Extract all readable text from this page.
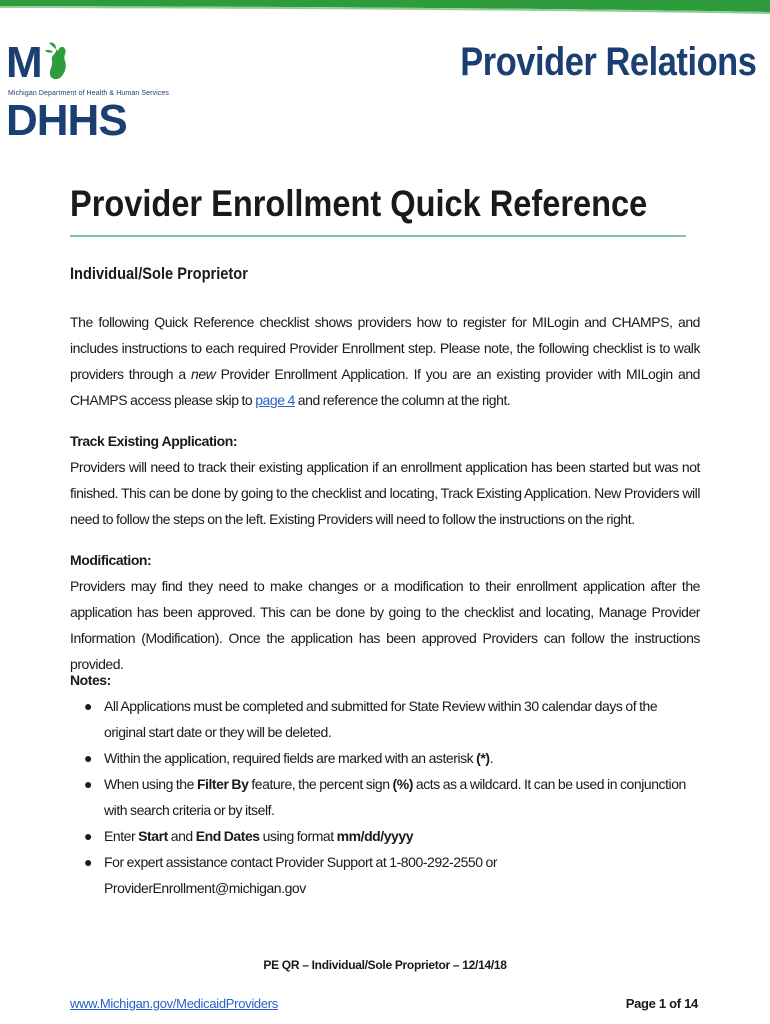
MDHHS
Michigan Department of Health & Human Services
Provider Relations
Provider Enrollment Quick Reference
Individual/Sole Proprietor

The following Quick Reference checklist shows providers how to register for MILogin and CHAMPS, and includes instructions to each required Provider Enrollment step. Please note, the following checklist is to walk providers through a new Provider Enrollment Application. If you are an existing provider with MILogin and CHAMPS access please skip to page 4 and reference the column at the right.

Track Existing Application:

Providers will need to track their existing application if an enrollment application has been started but was not finished. This can be done by going to the checklist and locating, Track Existing Application. New Providers will need to follow the steps on the left. Existing Providers will need to follow the instructions on the right.

Modification:

Providers may find they need to make changes or a modification to their enrollment application after the application has been approved. This can be done by going to the checklist and locating, Manage Provider Information (Modification). Once the application has been approved Providers can follow the instructions provided.

Notes:

● All Applications must be completed and submitted for State Review within 30 calendar days of the original start date or they will be deleted.
● Within the application, required fields are marked with an asterisk (*).
● When using the Filter By feature, the percent sign (%) acts as a wildcard. It can be used in conjunction with search criteria or by itself.
● Enter Start and End Dates using format mm/dd/yyyy
● For expert assistance contact Provider Support at 1-800-292-2550 or ProviderEnrollment@michigan.gov
PE QR – Individual/Sole Proprietor – 12/14/18
www.Michigan.gov/MedicaidProviders	Page 1 of 14
